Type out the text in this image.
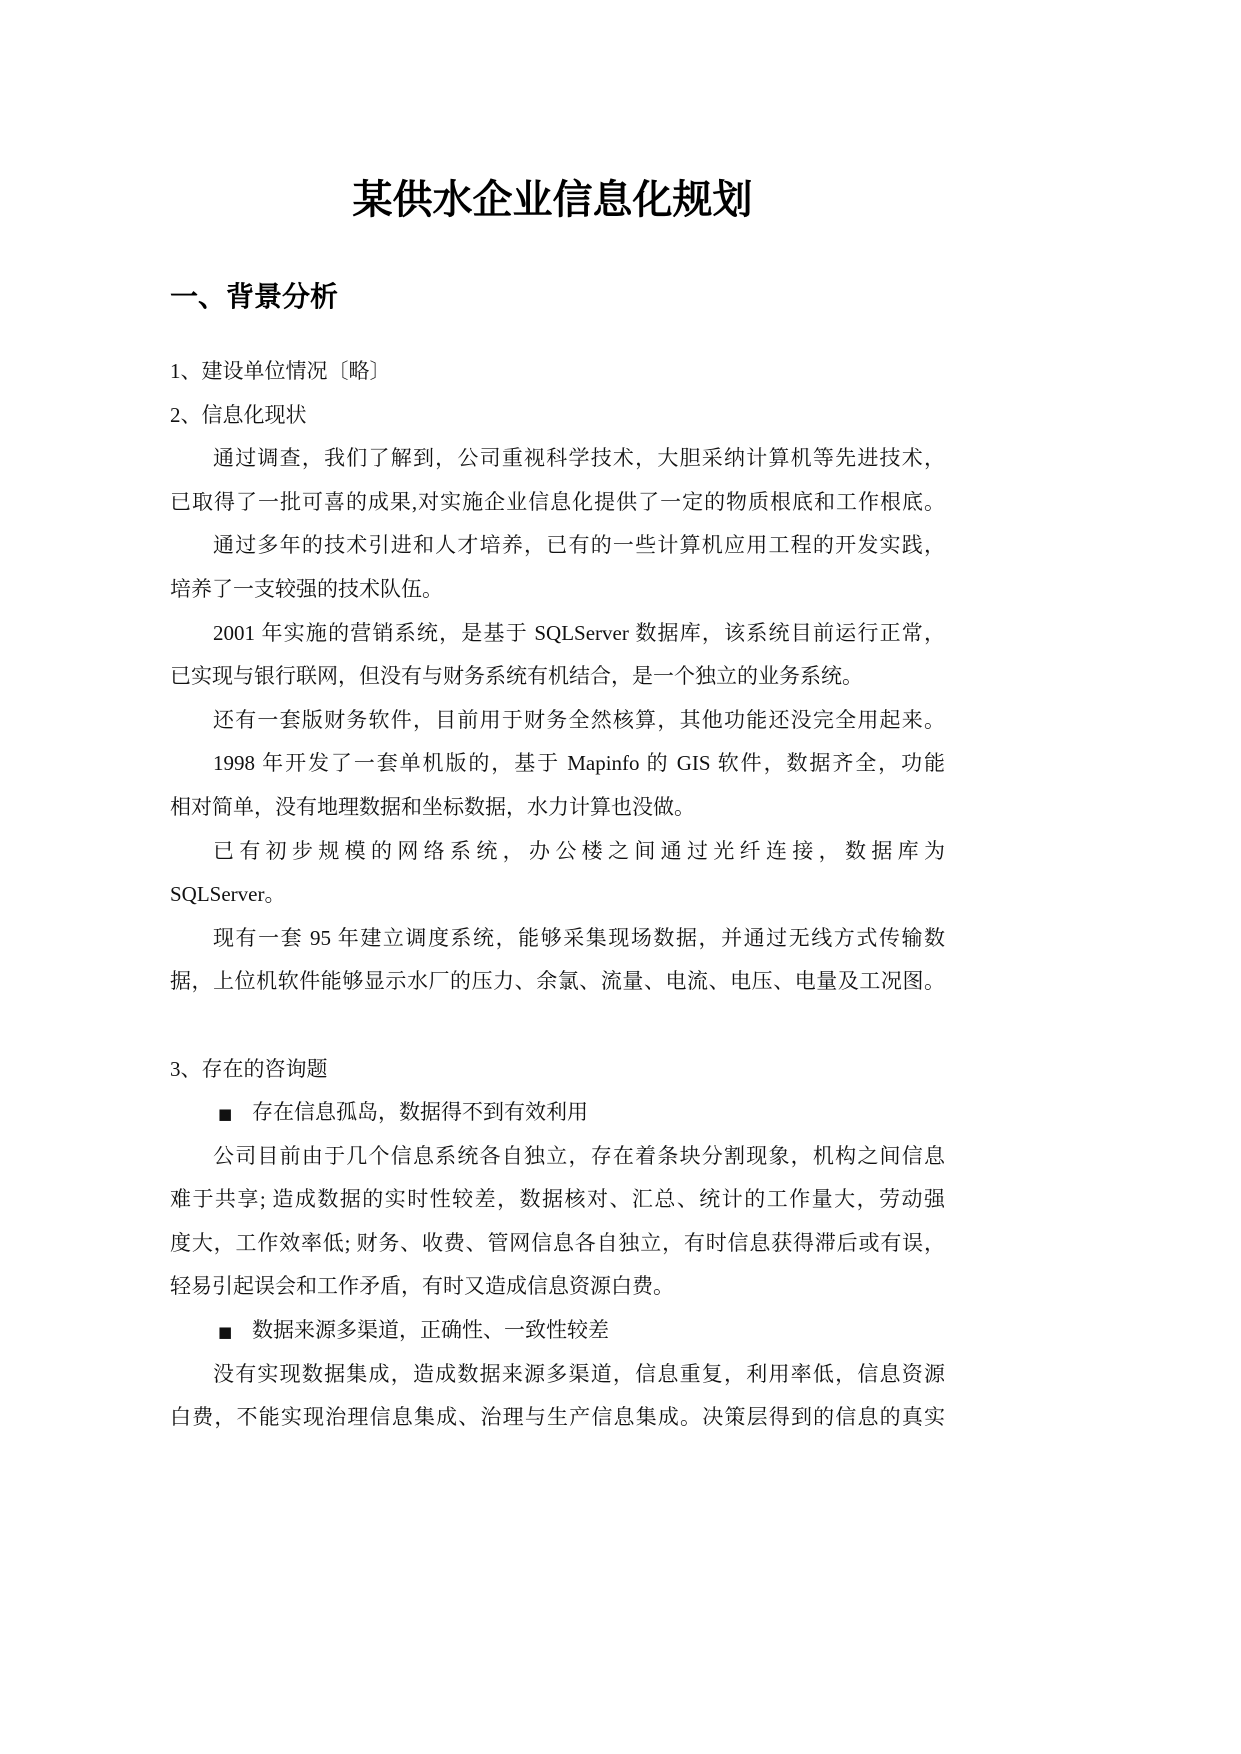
某供水企业信息化规划
一、背景分析
1、建设单位情况〔略〕
2、信息化现状
通过调查，我们了解到，公司重视科学技术，大胆采纳计算机等先进技术，
已取得了一批可喜的成果,对实施企业信息化提供了一定的物质根底和工作根底。
通过多年的技术引进和人才培养，已有的一些计算机应用工程的开发实践，
培养了一支较强的技术队伍。
2001 年实施的营销系统，是基于 SQLServer 数据库，该系统目前运行正常，
已实现与银行联网，但没有与财务系统有机结合，是一个独立的业务系统。
还有一套版财务软件，目前用于财务全然核算，其他功能还没完全用起来。
1998 年开发了一套单机版的，基于 Mapinfo 的 GIS 软件，数据齐全，功能
相对简单，没有地理数据和坐标数据，水力计算也没做。
已有初步规模的网络系统，办公楼之间通过光纤连接，数据库为
SQLServer。
现有一套 95 年建立调度系统，能够采集现场数据，并通过无线方式传输数
据，上位机软件能够显示水厂的压力、余氯、流量、电流、电压、电量及工况图。
3、存在的咨询题
■ 存在信息孤岛，数据得不到有效利用
公司目前由于几个信息系统各自独立，存在着条块分割现象，机构之间信息
难于共享; 造成数据的实时性较差，数据核对、汇总、统计的工作量大，劳动强
度大，工作效率低; 财务、收费、管网信息各自独立，有时信息获得滞后或有误，
轻易引起误会和工作矛盾，有时又造成信息资源白费。
■ 数据来源多渠道，正确性、一致性较差
没有实现数据集成，造成数据来源多渠道，信息重复，利用率低，信息资源
白费，不能实现治理信息集成、治理与生产信息集成。决策层得到的信息的真实
